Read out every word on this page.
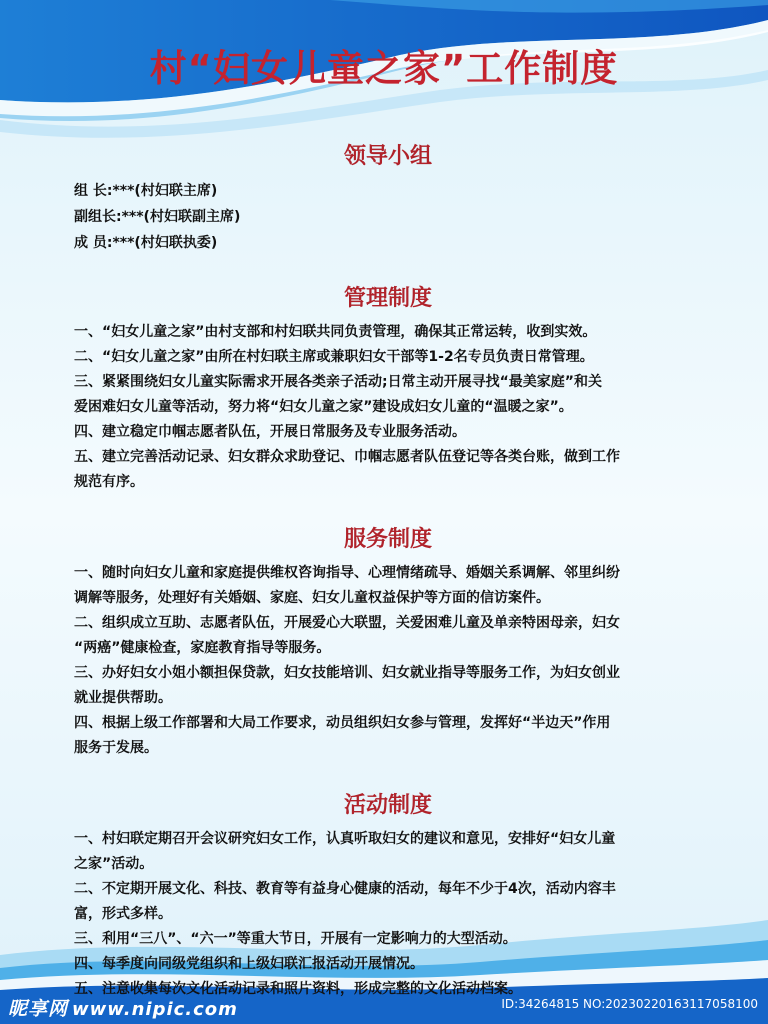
村“妇女儿童之家”工作制度
领导小组
组 长:***(村妇联主席)
副组长:***(村妇联副主席)
成 员:***(村妇联执委)
管理制度
一、“妇女儿童之家”由村支部和村妇联共同负责管理，确保其正常运转，收到实效。
二、“妇女儿童之家”由所在村妇联主席或兼职妇女干部等1-2名专员负责日常管理。
三、紧紧围绕妇女儿童实际需求开展各类亲子活动;日常主动开展寻找“最美家庭”和关
爱困难妇女儿童等活动，努力将“妇女儿童之家”建设成妇女儿童的“温暖之家”。
四、建立稳定巾帼志愿者队伍，开展日常服务及专业服务活动。
五、建立完善活动记录、妇女群众求助登记、巾帼志愿者队伍登记等各类台账，做到工作
规范有序。
服务制度
一、随时向妇女儿童和家庭提供维权咨询指导、心理情绪疏导、婚姻关系调解、邻里纠纷
调解等服务，处理好有关婚姻、家庭、妇女儿童权益保护等方面的信访案件。
二、组织成立互助、志愿者队伍，开展爱心大联盟，关爱困难儿童及单亲特困母亲，妇女
“两癌”健康检查，家庭教育指导等服务。
三、办好妇女小姐小额担保贷款，妇女技能培训、妇女就业指导等服务工作，为妇女创业
就业提供帮助。
四、根据上级工作部署和大局工作要求，动员组织妇女参与管理，发挥好“半边天”作用
服务于发展。
活动制度
一、村妇联定期召开会议研究妇女工作，认真听取妇女的建议和意见，安排好“妇女儿童
之家”活动。
二、不定期开展文化、科技、教育等有益身心健康的活动，每年不少于4次，活动内容丰
富，形式多样。
三、利用“三八”、“六一”等重大节日，开展有一定影响力的大型活动。
四、每季度向同级党组织和上级妇联汇报活动开展情况。
五、注意收集每次文化活动记录和照片资料，形成完整的文化活动档案。
昵享网 www.nipic.com	ID:34264815 NO:20230220163117058100
